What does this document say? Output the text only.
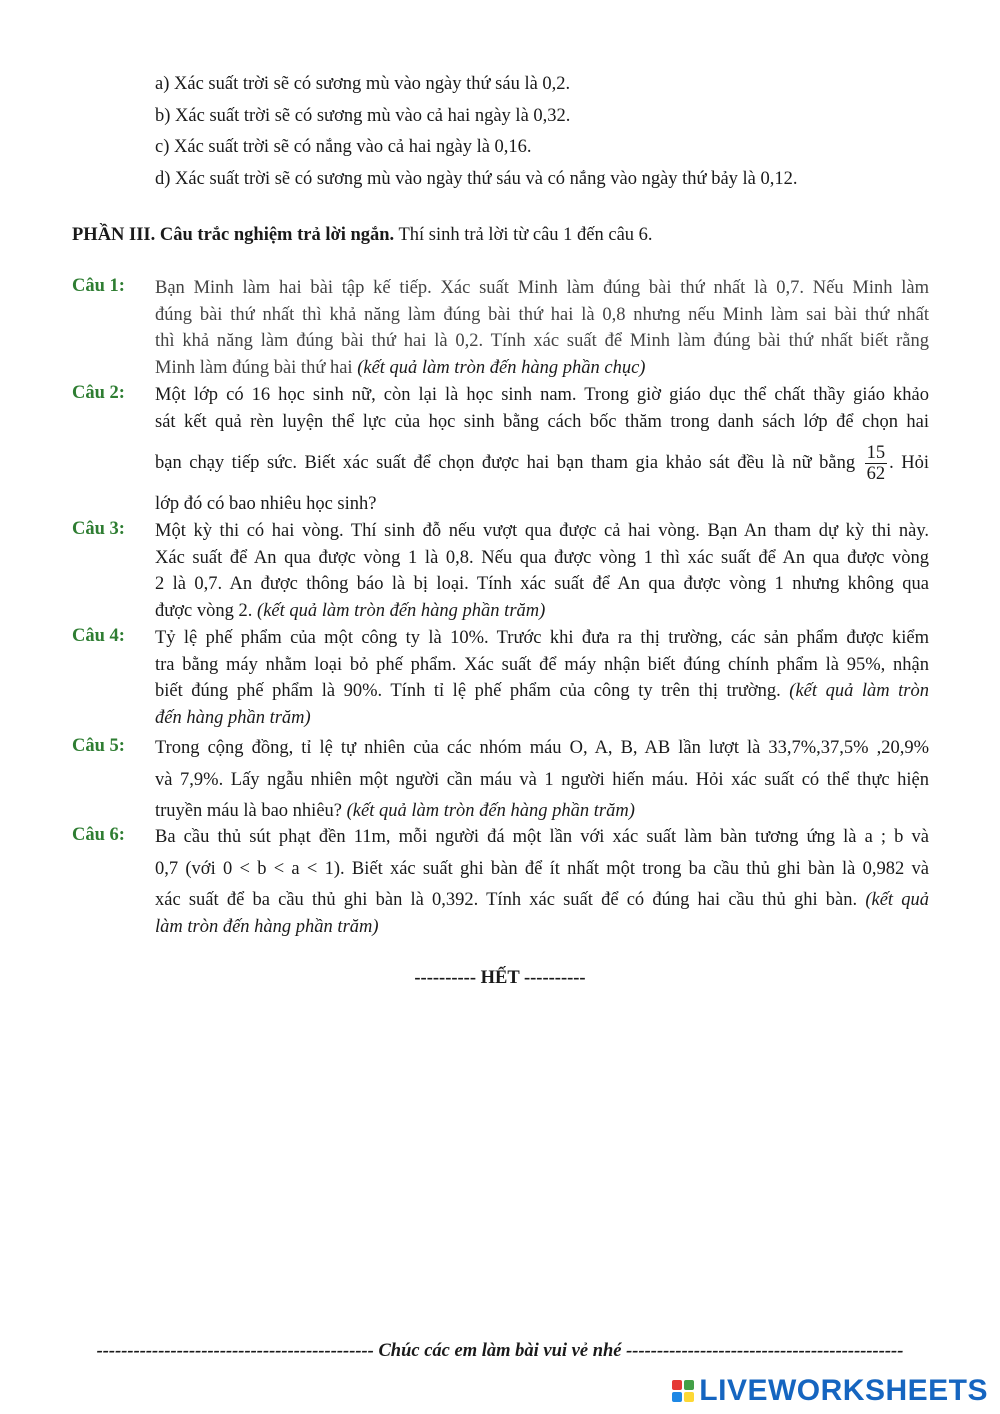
a) Xác suất trời sẽ có sương mù vào ngày thứ sáu là 0,2.
b) Xác suất trời sẽ có sương mù vào cả hai ngày là 0,32.
c) Xác suất trời sẽ có nắng vào cả hai ngày là 0,16.
d) Xác suất trời sẽ có sương mù vào ngày thứ sáu và có nắng vào ngày thứ bảy là 0,12.
PHẦN III. Câu trắc nghiệm trả lời ngắn. Thí sinh trả lời từ câu 1 đến câu 6.
Câu 1: Bạn Minh làm hai bài tập kế tiếp. Xác suất Minh làm đúng bài thứ nhất là 0,7. Nếu Minh làm
đúng bài thứ nhất thì khả năng làm đúng bài thứ hai là 0,8 nhưng nếu Minh làm sai bài thứ nhất
thì khả năng làm đúng bài thứ hai là 0,2. Tính xác suất để Minh làm đúng bài thứ nhất biết rằng
Minh làm đúng bài thứ hai (kết quả làm tròn đến hàng phần chục)
Câu 2: Một lớp có 16 học sinh nữ, còn lại là học sinh nam. Trong giờ giáo dục thể chất thầy giáo khảo
sát kết quả rèn luyện thể lực của học sinh bằng cách bốc thăm trong danh sách lớp để chọn hai
bạn chạy tiếp sức. Biết xác suất để chọn được hai bạn tham gia khảo sát đều là nữ bằng $\frac{15}{62}$ . Hỏi
lớp đó có bao nhiêu học sinh?
Câu 3: Một kỳ thi có hai vòng. Thí sinh đỗ nếu vượt qua được cả hai vòng. Bạn An tham dự kỳ thi này.
Xác suất để An qua được vòng 1 là 0,8. Nếu qua được vòng 1 thì xác suất để An qua được vòng
2 là 0,7. An được thông báo là bị loại. Tính xác suất để An qua được vòng 1 nhưng không qua
được vòng 2. (kết quả làm tròn đến hàng phần trăm)
Câu 4: Tỷ lệ phế phẩm của một công ty là 10%. Trước khi đưa ra thị trường, các sản phẩm được kiểm
tra bằng máy nhằm loại bỏ phế phẩm. Xác suất để máy nhận biết đúng chính phẩm là 95%, nhận
biết đúng phế phẩm là 90%. Tính tỉ lệ phế phẩm của công ty trên thị trường. (kết quả làm tròn
đến hàng phần trăm)
Câu 5: Trong cộng đồng, tỉ lệ tự nhiên của các nhóm máu O, A, B, AB lần lượt là 33,7%,37,5% ,20,9%
và 7,9%. Lấy ngẫu nhiên một người cần máu và 1 người hiến máu. Hỏi xác suất có thể thực hiện
truyền máu là bao nhiêu? (kết quả làm tròn đến hàng phần trăm)
Câu 6: Ba cầu thủ sút phạt đền 11m, mỗi người đá một lần với xác suất làm bàn tương ứng là a ; b và
0,7 (với 0 < b < a < 1). Biết xác suất ghi bàn để ít nhất một trong ba cầu thủ ghi bàn là 0,982 và
xác suất để ba cầu thủ ghi bàn là 0,392. Tính xác suất để có đúng hai cầu thủ ghi bàn. (kết quả
làm tròn đến hàng phần trăm)
---------- HẾT ----------
--------------------------------------------- Chúc các em làm bài vui vẻ nhé ---------------------------------------------
LIVEWORKSHEETS
